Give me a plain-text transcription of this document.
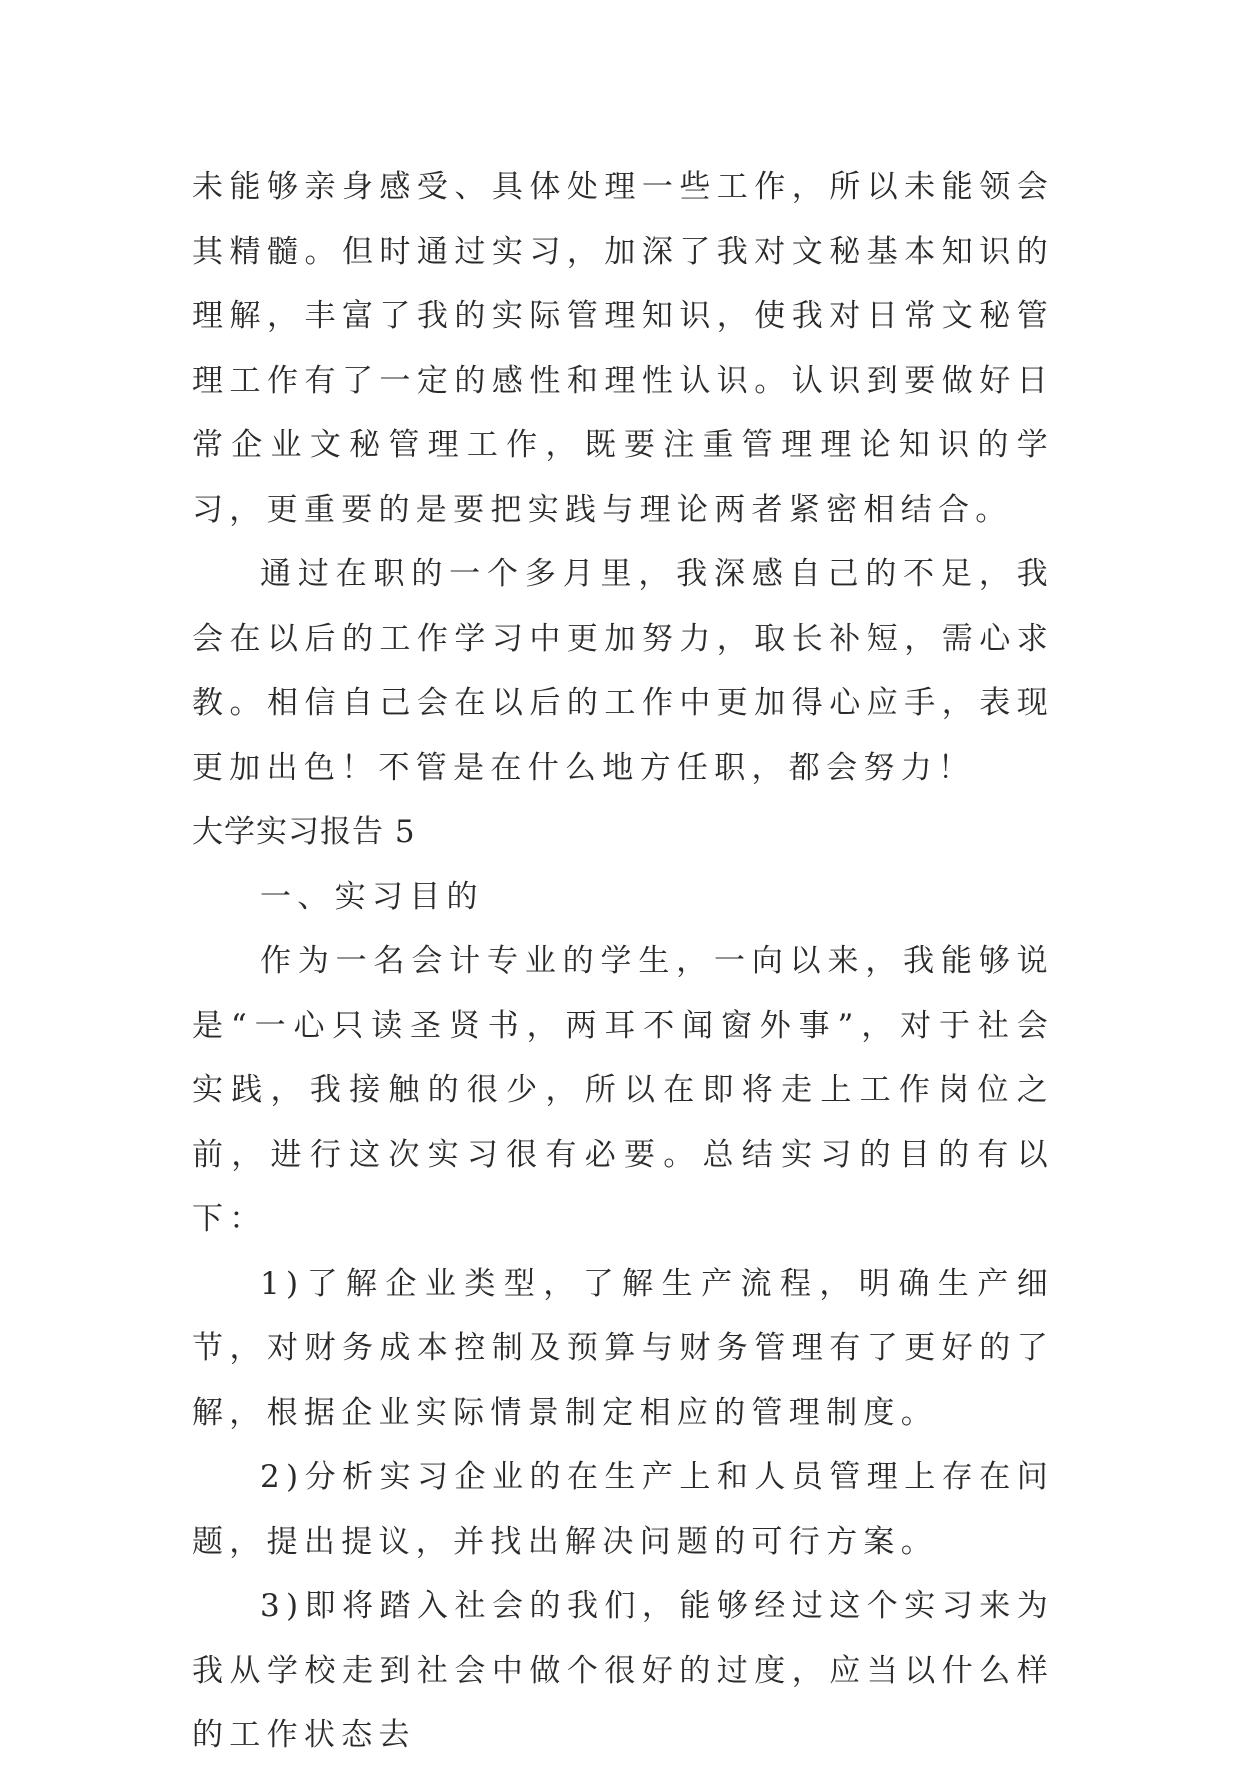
未能够亲身感受、具体处理一些工作，所以未能领会其精髓。但时通过实习，加深了我对文秘基本知识的理解，丰富了我的实际管理知识，使我对日常文秘管理工作有了一定的感性和理性认识。认识到要做好日常企业文秘管理工作，既要注重管理理论知识的学习，更重要的是要把实践与理论两者紧密相结合。

通过在职的一个多月里，我深感自己的不足，我会在以后的工作学习中更加努力，取长补短，需心求教。相信自己会在以后的工作中更加得心应手，表现更加出色！不管是在什么地方任职，都会努力！

大学实习报告 5

一、实习目的

作为一名会计专业的学生，一向以来，我能够说是“一心只读圣贤书，两耳不闻窗外事”，对于社会实践，我接触的很少，所以在即将走上工作岗位之前，进行这次实习很有必要。总结实习的目的有以下：

1)了解企业类型，了解生产流程，明确生产细节，对财务成本控制及预算与财务管理有了更好的了解，根据企业实际情景制定相应的管理制度。

2)分析实习企业的在生产上和人员管理上存在问题，提出提议，并找出解决问题的可行方案。

3)即将踏入社会的我们，能够经过这个实习来为我从学校走到社会中做个很好的过度，应当以什么样的工作状态去
